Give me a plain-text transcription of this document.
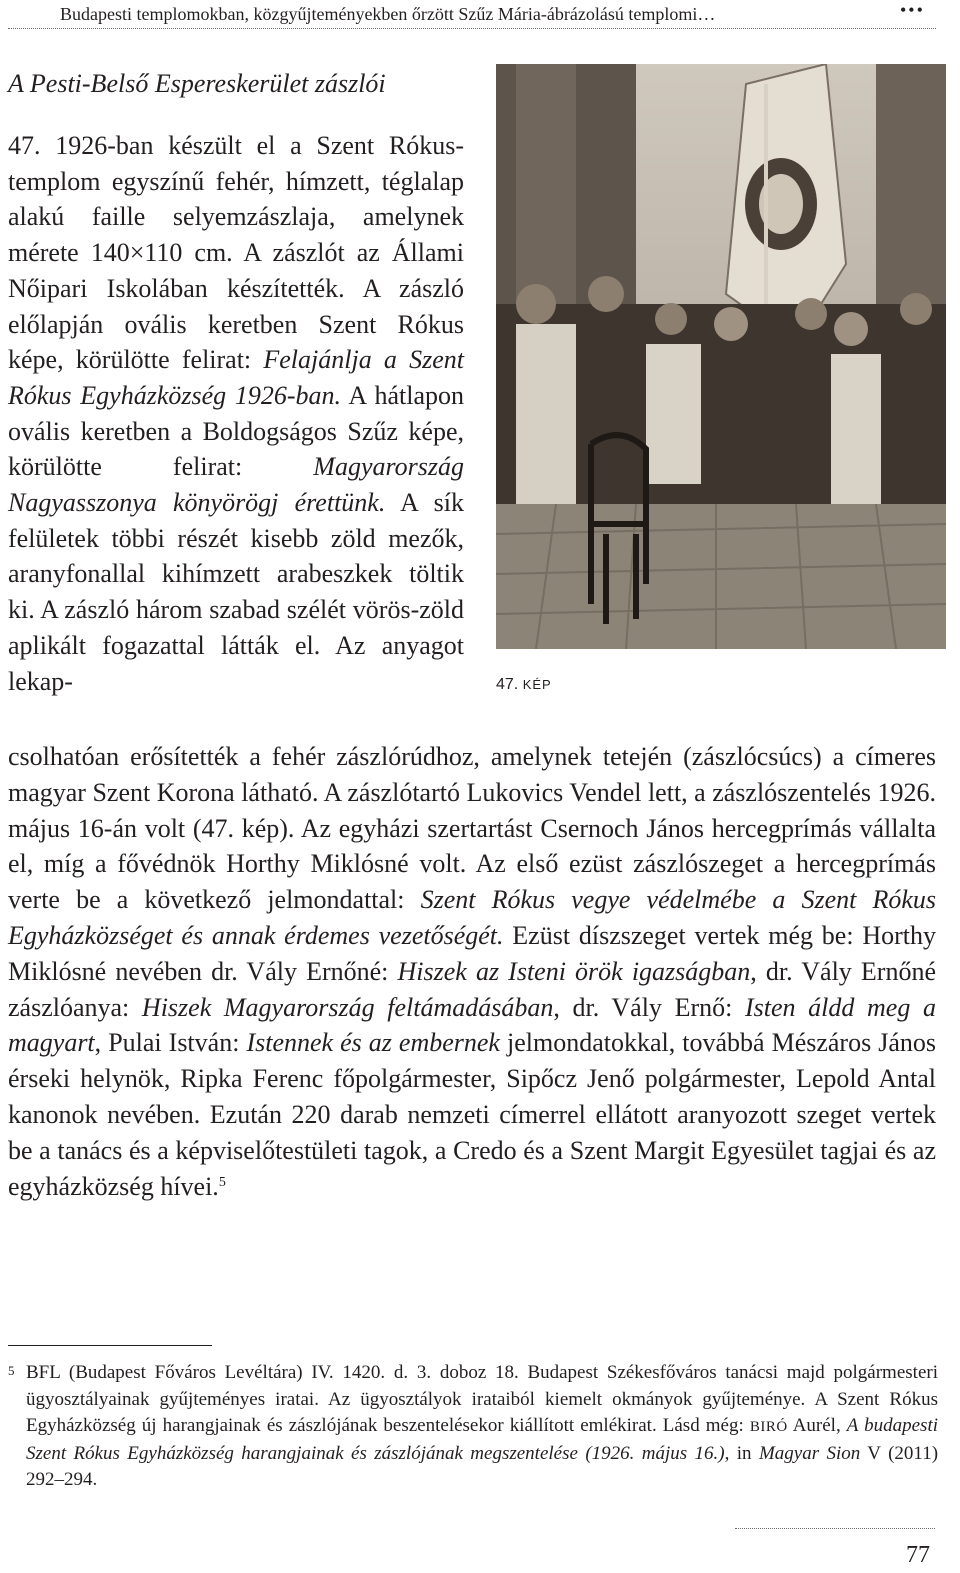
Budapesti templomokban, közgyűjteményekben őrzött Szűz Mária-ábrázolású templomi…	•••
A Pesti-Belső Espereskerület zászlói
47. 1926-ban készült el a Szent Rókus-templom egyszínű fehér, hímzett, téglalap alakú faille selyemzászlaja, amelynek mérete 140×110 cm. A zászlót az Állami Nőipari Iskolában készítették. A zászló előlapján ovális keretben Szent Rókus képe, körülötte felirat: Felajánlja a Szent Rókus Egyházközség 1926-ban. A hátlapon ovális keretben a Boldogságos Szűz képe, körülötte felirat: Magyarország Nagyasszonya könyörögj érettünk. A sík felületek többi részét kisebb zöld mezők, aranyfonallal kihímzett arabeszkek töltik ki. A zászló három szabad szélét vörös-zöld aplikált fogazattal látták el. Az anyagot lekap-	47. KÉP
csolhatóan erősítették a fehér zászlórúdhoz, amelynek tetején (zászlócsúcs) a címeres magyar Szent Korona látható. A zászlótartó Lukovics Vendel lett, a zászlószentelés 1926. május 16-án volt (47. kép). Az egyházi szertartást Csernoch János hercegprímás vállalta el, míg a fővédnök Horthy Miklósné volt. Az első ezüst zászlószeget a hercegprímás verte be a következő jelmondattal: Szent Rókus vegye védelmébe a Szent Rókus Egyházközséget és annak érdemes vezetőségét. Ezüst díszszeget vertek még be: Horthy Miklósné nevében dr. Vály Ernőné: Hiszek az Isteni örök igazságban, dr. Vály Ernőné zászlóanya: Hiszek Magyarország feltámadásában, dr. Vály Ernő: Isten áldd meg a magyart, Pulai István: Istennek és az embernek jelmondatokkal, továbbá Mészáros János érseki helynök, Ripka Ferenc főpolgármester, Sipőcz Jenő polgármester, Lepold Antal kanonok nevében. Ezután 220 darab nemzeti címerrel ellátott aranyozott szeget vertek be a tanács és a képviselőtestületi tagok, a Credo és a Szent Margit Egyesület tagjai és az egyházközség hívei.$^5$
5 BFL (Budapest Főváros Levéltára) IV. 1420. d. 3. doboz 18. Budapest Székesfőváros tanácsi majd polgármesteri ügyosztályainak gyűjteményes iratai. Az ügyosztályok irataiból kiemelt okmányok gyűjteménye. A Szent Rókus Egyházközség új harangjainak és zászlójának beszentelésekor kiállított emlékirat. Lásd még: BIRÓ Aurél, A budapesti Szent Rókus Egyházközség harangjainak és zászlójának megszentelése (1926. május 16.), in Magyar Sion V (2011) 292–294.
77
